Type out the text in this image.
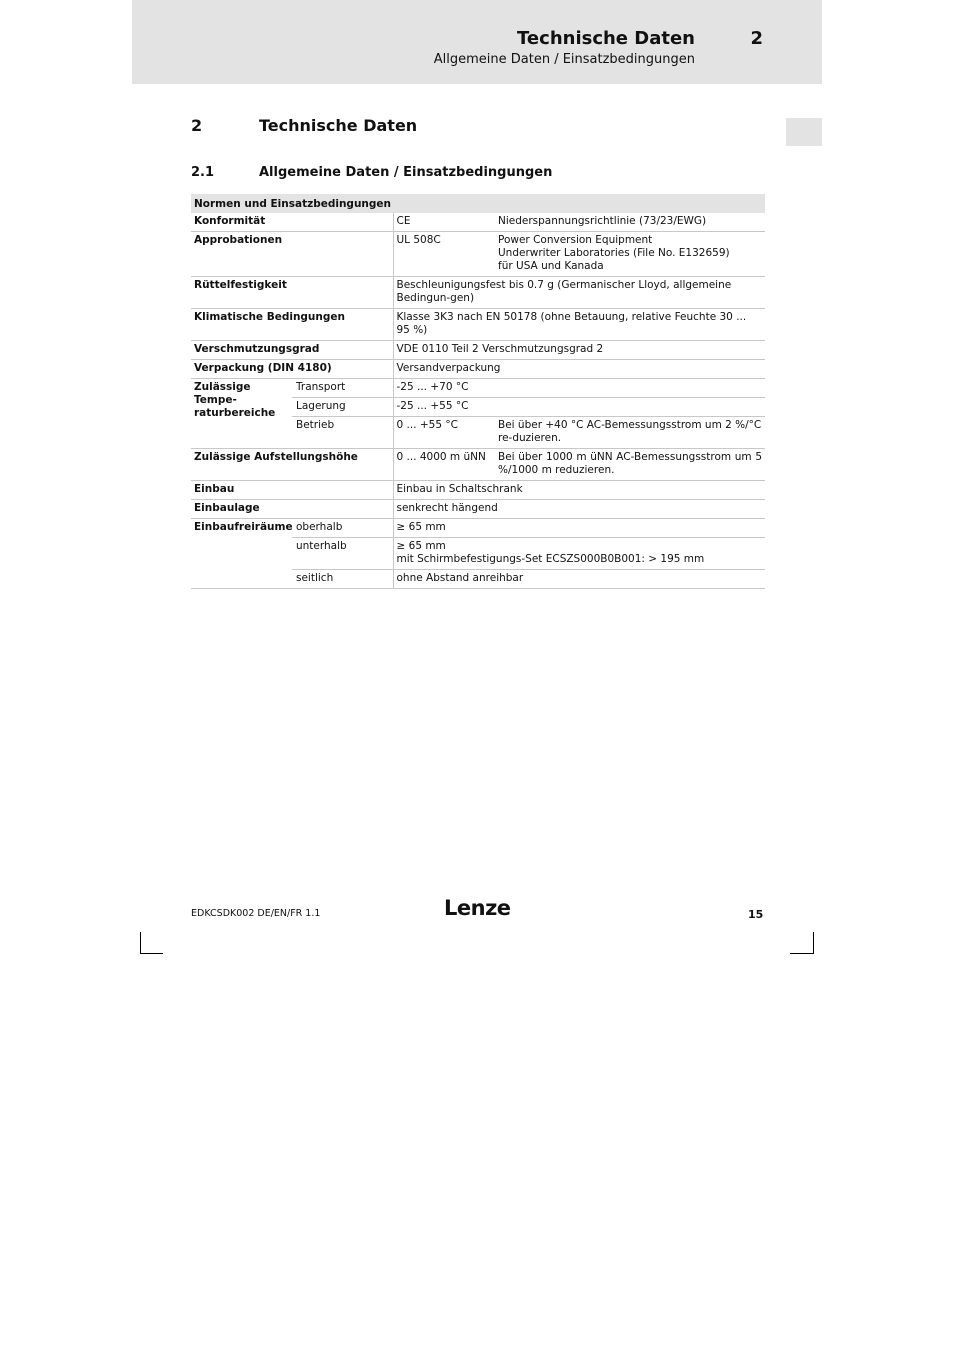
Technische Daten	2
Allgemeine Daten / Einsatzbedingungen
2	Technische Daten
2.1	Allgemeine Daten / Einsatzbedingungen
Normen und Einsatzbedingungen			
Konformität		CE	Niederspannungsrichtlinie (73/23/EWG)
Approbationen		UL 508C	Power Conversion Equipment
Underwriter Laboratories (File No. E132659)
für USA und Kanada

Rüttelfestigkeit		Beschleunigungsfest bis 0.7 g (Germanischer Lloyd, allgemeine Bedingun-gen)	
Klimatische Bedingungen		Klasse 3K3 nach EN 50178 (ohne Betauung, relative Feuchte 30 ... 95 %)	
Verschmutzungsgrad		VDE 0110 Teil 2 Verschmutzungsgrad 2	
Verpackung (DIN 4180)		Versandverpackung	
Zulässige Tempe-raturbereiche	Transport	-25 ... +70 °C	
	Lagerung	-25 ... +55 °C	
	Betrieb	0 ... +55 °C	Bei über +40 °C AC-Bemessungsstrom um 2 %/°C re-duzieren.
Zulässige Aufstellungshöhe		0 ... 4000 m üNN	Bei über 1000 m üNN AC-Bemessungsstrom um 5 %/1000 m reduzieren.
Einbau		Einbau in Schaltschrank	
Einbaulage		senkrecht hängend	
Einbaufreiräume	oberhalb	≥ 65 mm	
	unterhalb	≥ 65 mm
mit Schirmbefestigungs-Set ECSZS000B0B001: > 195 mm	

	seitlich	ohne Abstand anreihbar	
EDKCSDK002 DE/EN/FR 1.1	Lenze	15
